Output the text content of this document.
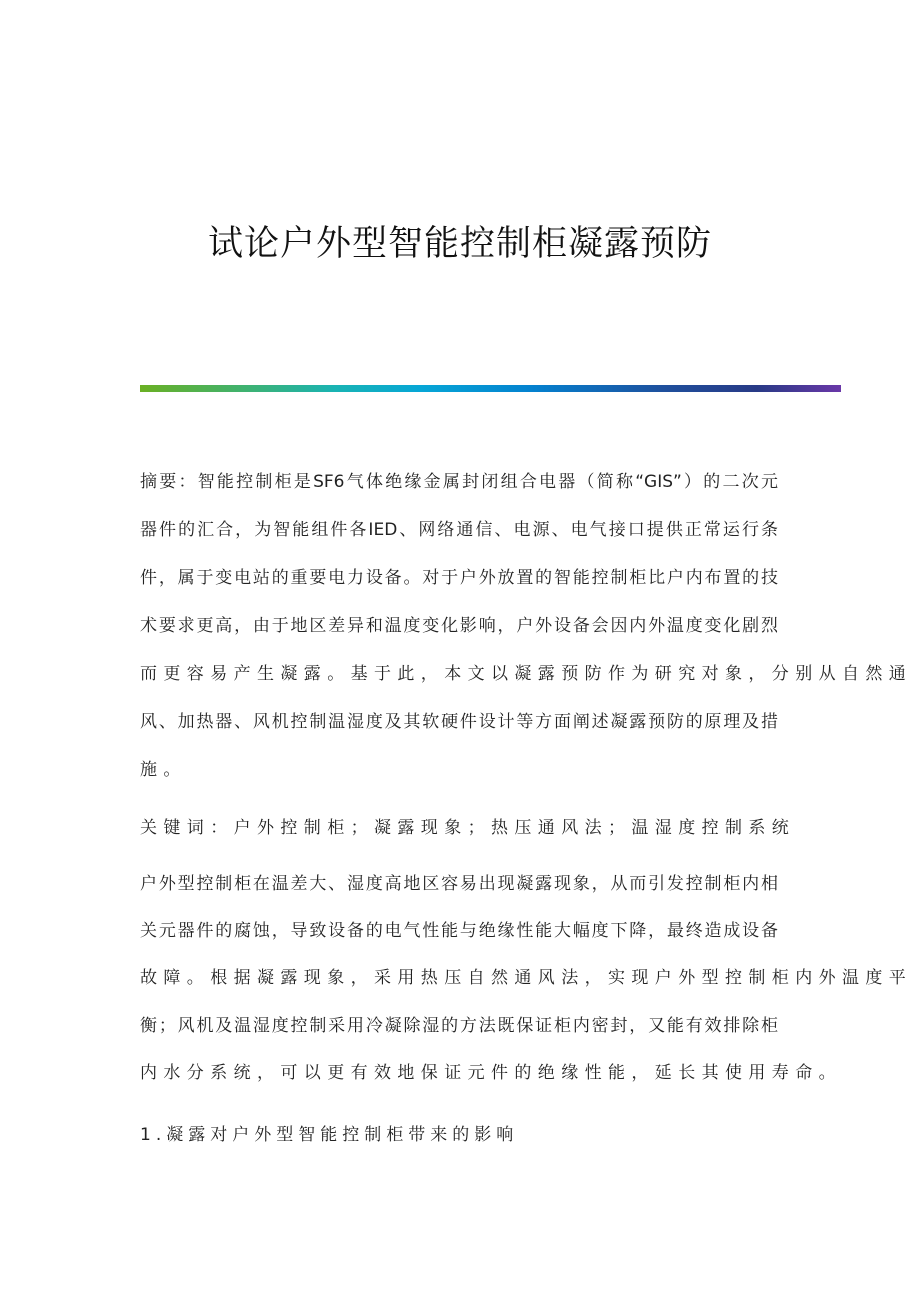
试论户外型智能控制柜凝露预防
摘要：智能控制柜是SF6气体绝缘金属封闭组合电器（简称“GIS”）的二次元
器件的汇合，为智能组件各IED、网络通信、电源、电气接口提供正常运行条
件，属于变电站的重要电力设备。对于户外放置的智能控制柜比户内布置的技
术要求更高，由于地区差异和温度变化影响，户外设备会因内外温度变化剧烈
而更容易产生凝露。基于此，本文以凝露预防作为研究对象，分别从自然通
风、加热器、风机控制温湿度及其软硬件设计等方面阐述凝露预防的原理及措
施。
关键词：户外控制柜；凝露现象；热压通风法；温湿度控制系统
户外型控制柜在温差大、湿度高地区容易出现凝露现象，从而引发控制柜内相
关元器件的腐蚀，导致设备的电气性能与绝缘性能大幅度下降，最终造成设备
故障。根据凝露现象，采用热压自然通风法，实现户外型控制柜内外温度平
衡；风机及温湿度控制采用冷凝除湿的方法既保证柜内密封，又能有效排除柜
内水分系统，可以更有效地保证元件的绝缘性能，延长其使用寿命。
1.凝露对户外型智能控制柜带来的影响
